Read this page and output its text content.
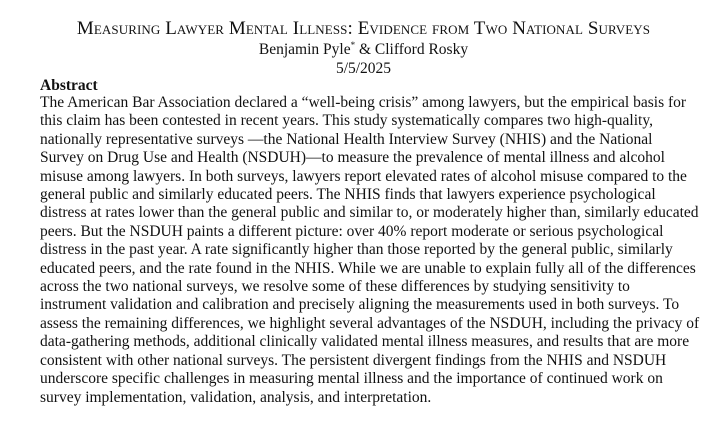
Measuring Lawyer Mental Illness: Evidence from Two National Surveys
Benjamin Pyle* & Clifford Rosky
5/5/2025
Abstract
The American Bar Association declared a “well-being crisis” among lawyers, but the empirical basis for
this claim has been contested in recent years. This study systematically compares two high-quality,
nationally representative surveys —the National Health Interview Survey (NHIS) and the National
Survey on Drug Use and Health (NSDUH)—to measure the prevalence of mental illness and alcohol
misuse among lawyers. In both surveys, lawyers report elevated rates of alcohol misuse compared to the
general public and similarly educated peers. The NHIS finds that lawyers experience psychological
distress at rates lower than the general public and similar to, or moderately higher than, similarly educated
peers. But the NSDUH paints a different picture: over 40% report moderate or serious psychological
distress in the past year. A rate significantly higher than those reported by the general public, similarly
educated peers, and the rate found in the NHIS. While we are unable to explain fully all of the differences
across the two national surveys, we resolve some of these differences by studying sensitivity to
instrument validation and calibration and precisely aligning the measurements used in both surveys. To
assess the remaining differences, we highlight several advantages of the NSDUH, including the privacy of
data-gathering methods, additional clinically validated mental illness measures, and results that are more
consistent with other national surveys. The persistent divergent findings from the NHIS and NSDUH
underscore specific challenges in measuring mental illness and the importance of continued work on
survey implementation, validation, analysis, and interpretation.
